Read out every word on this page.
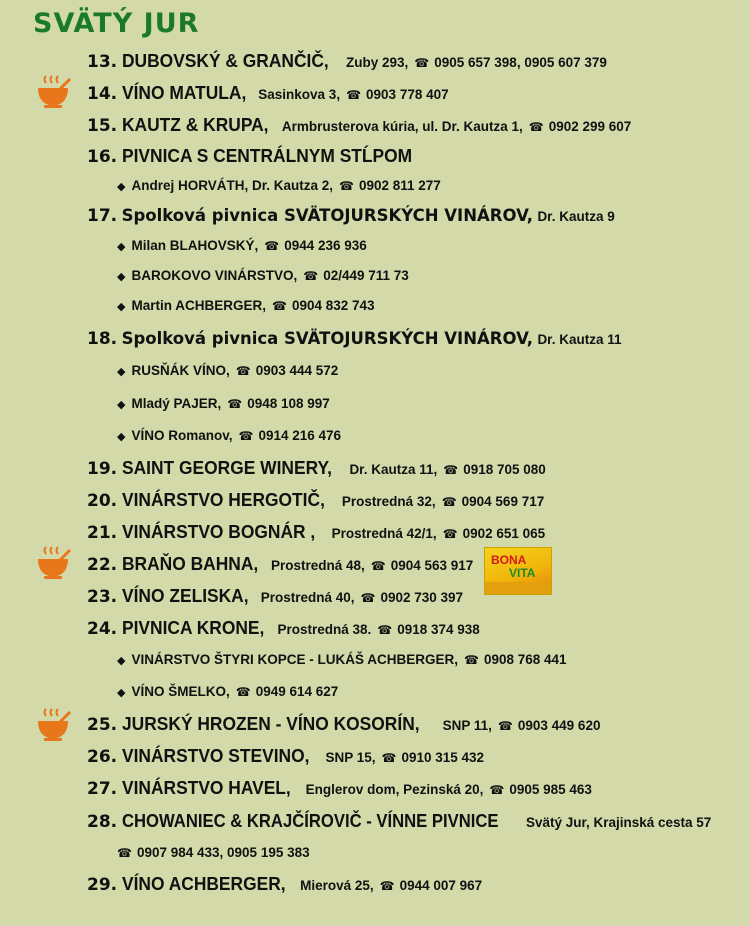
SVÄTÝ JUR
BONA
VITA
13. DUBOVSKÝ & GRANČIČ, Zuby 293, ☎ 0905 657 398, 0905 607 379
14. VÍNO MATULA, Sasinkova 3, ☎ 0903 778 407
15. KAUTZ & KRUPA, Armbrusterova kúria, ul. Dr. Kautza 1, ☎ 0902 299 607
16. PIVNICA S CENTRÁLNYM STĹPOM
◆ Andrej HORVÁTH, Dr. Kautza 2, ☎ 0902 811 277
17. Spolková pivnica SVÄTOJURSKÝCH VINÁROV, Dr. Kautza 9
◆ Milan BLAHOVSKÝ, ☎ 0944 236 936
◆ BAROKOVO VINÁRSTVO, ☎ 02/449 711 73
◆ Martin ACHBERGER, ☎ 0904 832 743
18. Spolková pivnica SVÄTOJURSKÝCH VINÁROV, Dr. Kautza 11
◆ RUSŇÁK VÍNO, ☎ 0903 444 572
◆ Mladý PAJER, ☎ 0948 108 997
◆ VÍNO Romanov, ☎ 0914 216 476
19. SAINT GEORGE WINERY, Dr. Kautza 11, ☎ 0918 705 080
20. VINÁRSTVO HERGOTIČ, Prostredná 32, ☎ 0904 569 717
21. VINÁRSTVO BOGNÁR , Prostredná 42/1, ☎ 0902 651 065
22. BRAŇO BAHNA, Prostredná 48, ☎ 0904 563 917
23. VÍNO ZELISKA, Prostredná 40, ☎ 0902 730 397
24. PIVNICA KRONE, Prostredná 38. ☎ 0918 374 938
◆ VINÁRSTVO ŠTYRI KOPCE - LUKÁŠ ACHBERGER, ☎ 0908 768 441
◆ VÍNO ŠMELKO, ☎ 0949 614 627
25. JURSKÝ HROZEN - VÍNO KOSORÍN, SNP 11, ☎ 0903 449 620
26. VINÁRSTVO STEVINO, SNP 15, ☎ 0910 315 432
27. VINÁRSTVO HAVEL, Englerov dom, Pezinská 20, ☎ 0905 985 463
28. CHOWANIEC & KRAJČÍROVIČ - VÍNNE PIVNICE Svätý Jur, Krajinská cesta 57
☎ 0907 984 433, 0905 195 383
29. VÍNO ACHBERGER, Mierová 25, ☎ 0944 007 967
